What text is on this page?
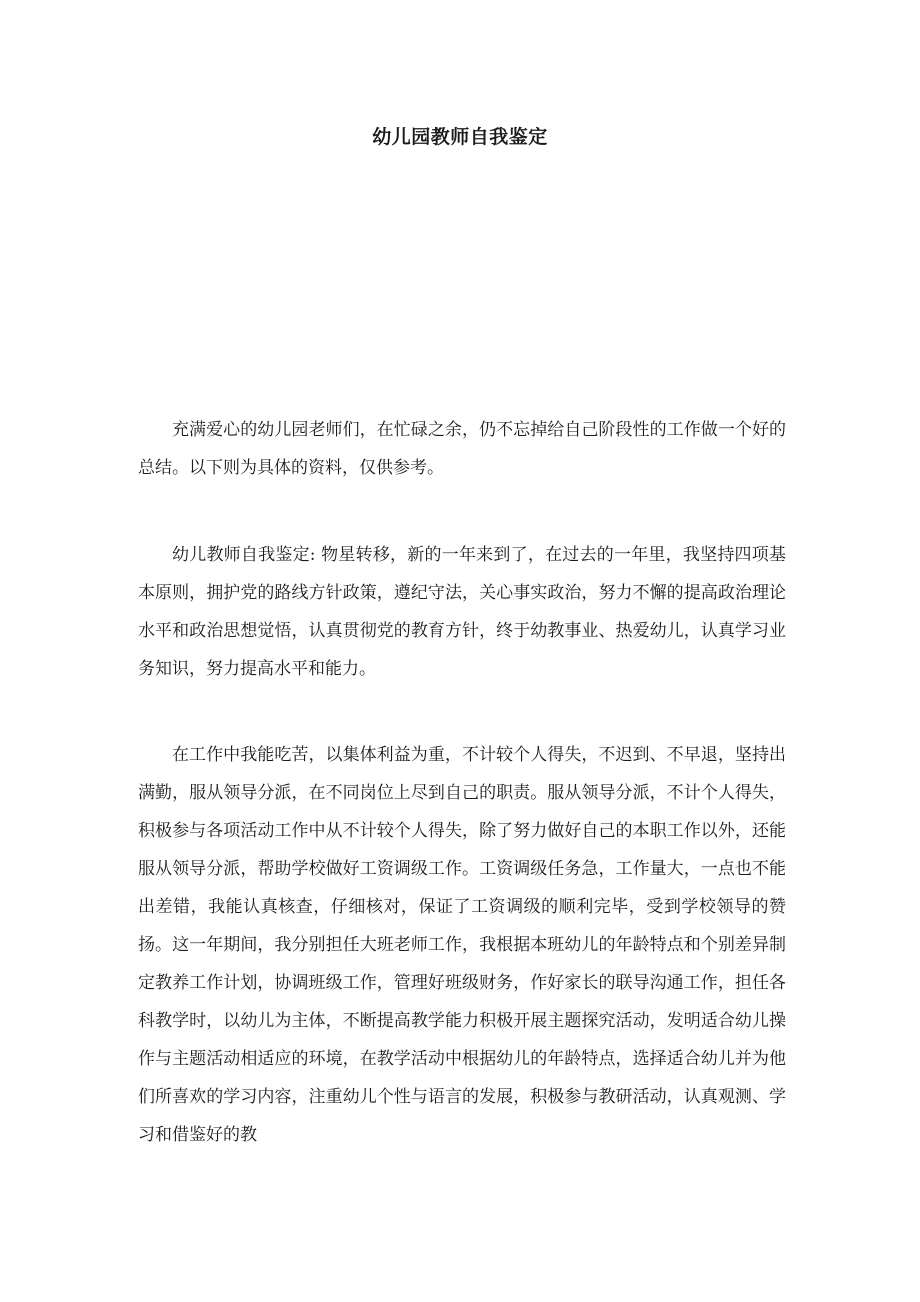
幼儿园教师自我鉴定

充满爱心的幼儿园老师们，在忙碌之余，仍不忘掉给自己阶段性的工作做一个好的总结。以下则为具体的资料，仅供参考。

幼儿教师自我鉴定: 物星转移，新的一年来到了，在过去的一年里，我坚持四项基本原则，拥护党的路线方针政策，遵纪守法，关心事实政治，努力不懈的提高政治理论水平和政治思想觉悟，认真贯彻党的教育方针，终于幼教事业、热爱幼儿，认真学习业务知识，努力提高水平和能力。

在工作中我能吃苦，以集体利益为重，不计较个人得失，不迟到、不早退，坚持出满勤，服从领导分派，在不同岗位上尽到自己的职责。服从领导分派，不计个人得失，积极参与各项活动工作中从不计较个人得失，除了努力做好自己的本职工作以外，还能服从领导分派，帮助学校做好工资调级工作。工资调级任务急，工作量大，一点也不能出差错，我能认真核查，仔细核对，保证了工资调级的顺利完毕，受到学校领导的赞扬。这一年期间，我分别担任大班老师工作，我根据本班幼儿的年龄特点和个别差异制定教养工作计划，协调班级工作，管理好班级财务，作好家长的联导沟通工作，担任各科教学时，以幼儿为主体，不断提高教学能力积极开展主题探究活动，发明适合幼儿操作与主题活动相适应的环境，在教学活动中根据幼儿的年龄特点，选择适合幼儿并为他们所喜欢的学习内容，注重幼儿个性与语言的发展，积极参与教研活动，认真观测、学习和借鉴好的教
